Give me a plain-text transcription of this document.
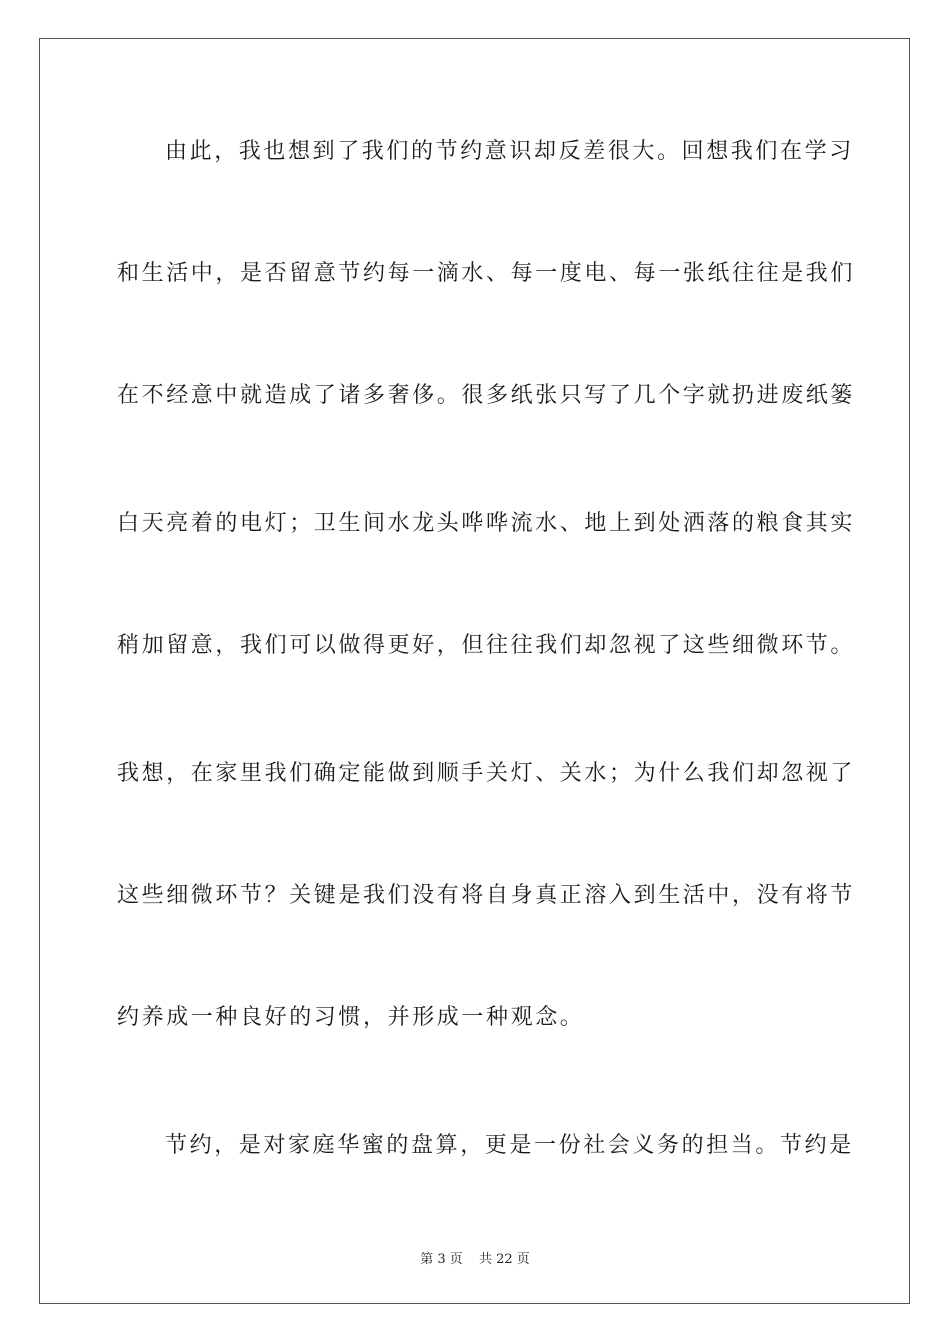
由此，我也想到了我们的节约意识却反差很大。回想我们在学习
和生活中，是否留意节约每一滴水、每一度电、每一张纸往往是我们
在不经意中就造成了诸多奢侈。很多纸张只写了几个字就扔进废纸篓
白天亮着的电灯；卫生间水龙头哗哗流水、地上到处洒落的粮食其实
稍加留意，我们可以做得更好，但往往我们却忽视了这些细微环节。
我想，在家里我们确定能做到顺手关灯、关水；为什么我们却忽视了
这些细微环节？关键是我们没有将自身真正溶入到生活中，没有将节
约养成一种良好的习惯，并形成一种观念。
节约，是对家庭华蜜的盘算，更是一份社会义务的担当。节约是
第 3 页 共 22 页
